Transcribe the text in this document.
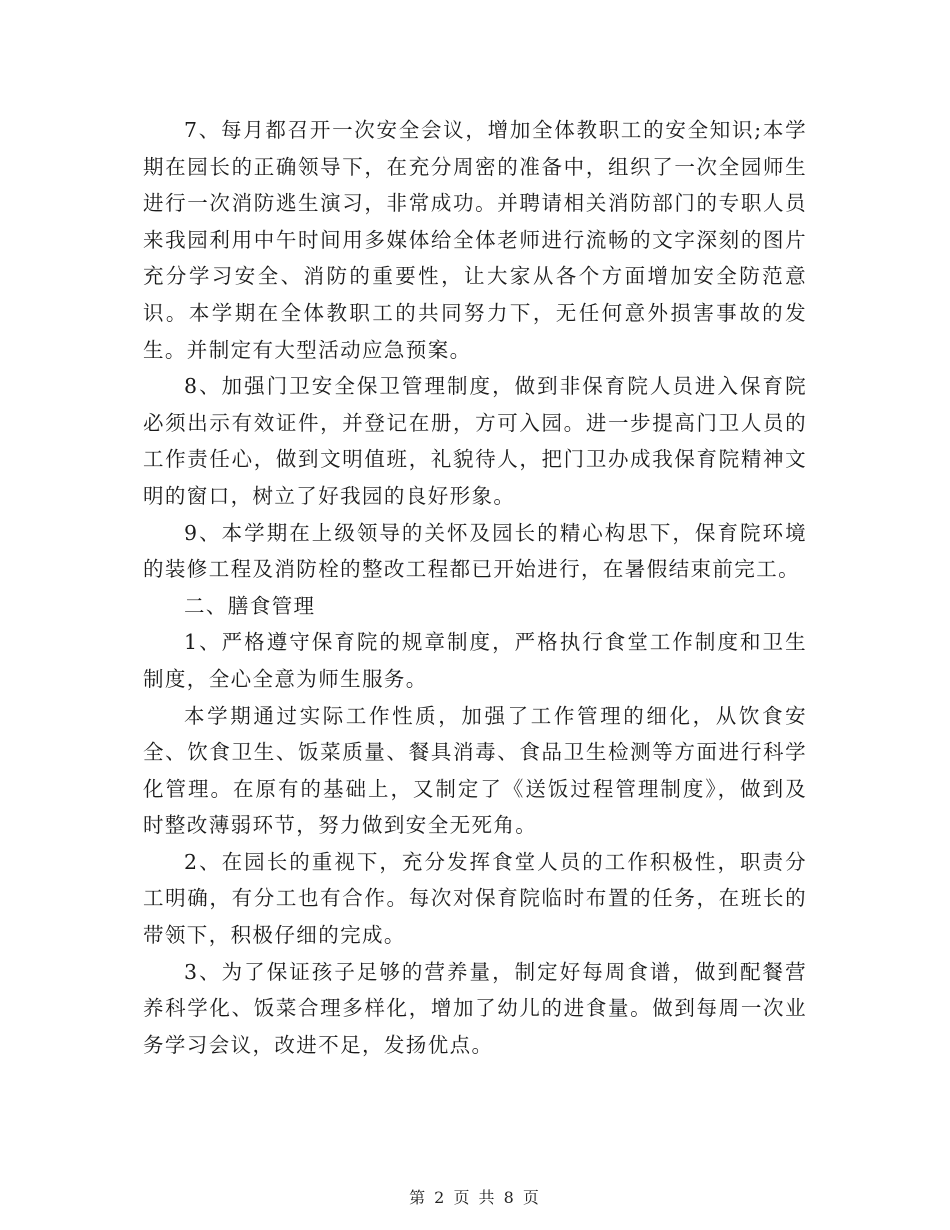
7、每月都召开一次安全会议，增加全体教职工的安全知识;本学期在园长的正确领导下，在充分周密的准备中，组织了一次全园师生进行一次消防逃生演习，非常成功。并聘请相关消防部门的专职人员来我园利用中午时间用多媒体给全体老师进行流畅的文字深刻的图片充分学习安全、消防的重要性，让大家从各个方面增加安全防范意识。本学期在全体教职工的共同努力下，无任何意外损害事故的发生。并制定有大型活动应急预案。

8、加强门卫安全保卫管理制度，做到非保育院人员进入保育院必须出示有效证件，并登记在册，方可入园。进一步提高门卫人员的工作责任心，做到文明值班，礼貌待人，把门卫办成我保育院精神文明的窗口，树立了好我园的良好形象。

9、本学期在上级领导的关怀及园长的精心构思下，保育院环境的装修工程及消防栓的整改工程都已开始进行，在暑假结束前完工。

二、膳食管理

1、严格遵守保育院的规章制度，严格执行食堂工作制度和卫生制度，全心全意为师生服务。

本学期通过实际工作性质，加强了工作管理的细化，从饮食安全、饮食卫生、饭菜质量、餐具消毒、食品卫生检测等方面进行科学化管理。在原有的基础上，又制定了《送饭过程管理制度》，做到及时整改薄弱环节，努力做到安全无死角。

2、在园长的重视下，充分发挥食堂人员的工作积极性，职责分工明确，有分工也有合作。每次对保育院临时布置的任务，在班长的带领下，积极仔细的完成。

3、为了保证孩子足够的营养量，制定好每周食谱，做到配餐营养科学化、饭菜合理多样化，增加了幼儿的进食量。做到每周一次业务学习会议，改进不足，发扬优点。

第 2 页 共 8 页
